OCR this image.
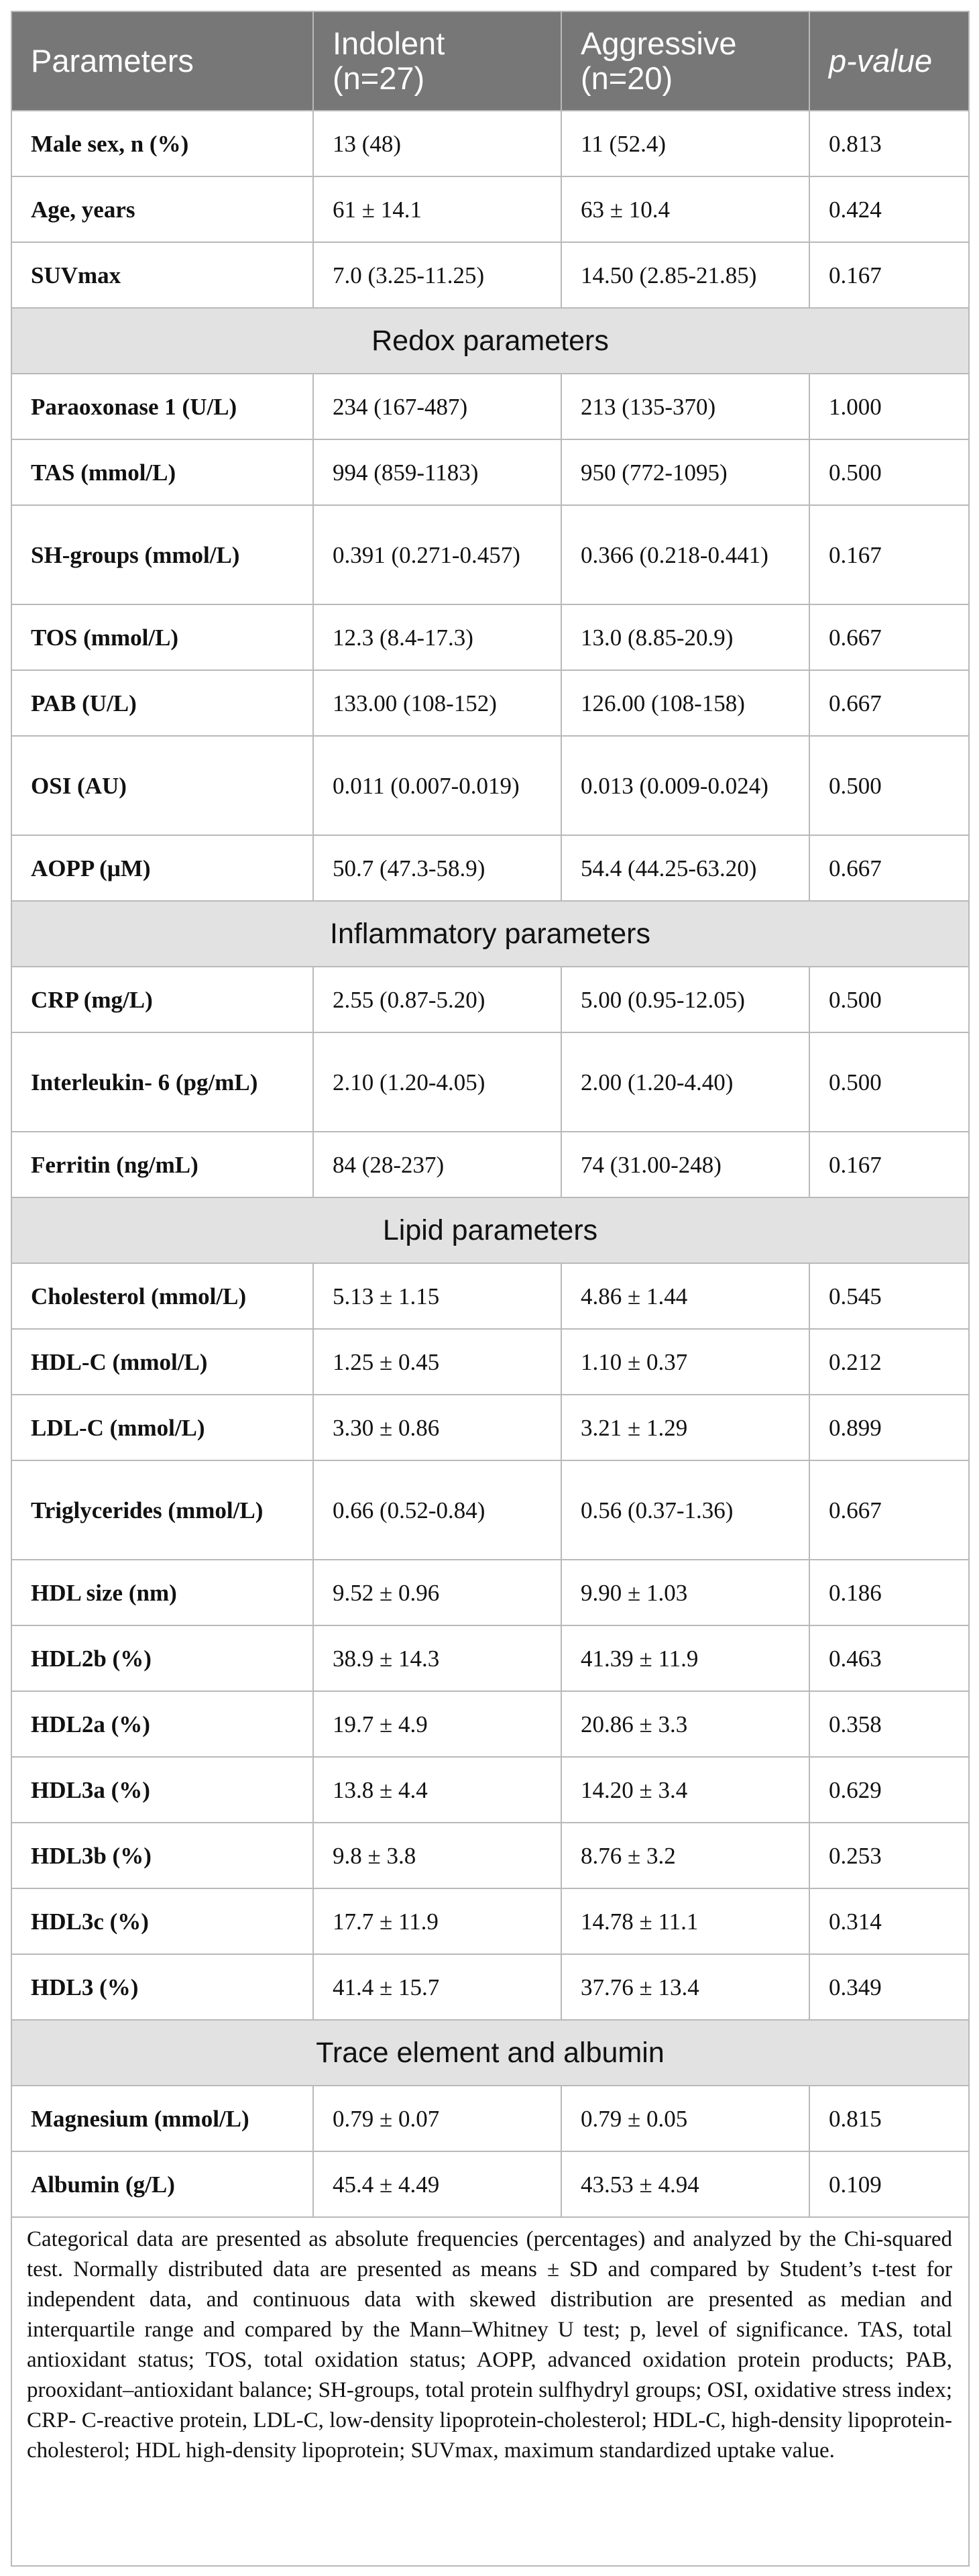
Parameters	Indolent (n=27)	Aggressive (n=20)	p-value
Male sex, n (%)	13 (48)	11 (52.4)	0.813
Age, years	61 ± 14.1	63 ± 10.4	0.424
SUVmax	7.0 (3.25-11.25)	14.50 (2.85-21.85)	0.167
Redox parameters			
Paraoxonase 1 (U/L)	234 (167-487)	213 (135-370)	1.000
TAS (mmol/L)	994 (859-1183)	950 (772-1095)	0.500
SH-groups (mmol/L)	0.391 (0.271-0.457)	0.366 (0.218-0.441)	0.167
TOS (mmol/L)	12.3 (8.4-17.3)	13.0 (8.85-20.9)	0.667
PAB (U/L)	133.00 (108-152)	126.00 (108-158)	0.667
OSI (AU)	0.011 (0.007-0.019)	0.013 (0.009-0.024)	0.500
AOPP (µM)	50.7 (47.3-58.9)	54.4 (44.25-63.20)	0.667
Inflammatory parameters			
CRP (mg/L)	2.55 (0.87-5.20)	5.00 (0.95-12.05)	0.500
Interleukin- 6 (pg/mL)	2.10 (1.20-4.05)	2.00 (1.20-4.40)	0.500
Ferritin (ng/mL)	84 (28-237)	74 (31.00-248)	0.167
Lipid parameters			
Cholesterol (mmol/L)	5.13 ± 1.15	4.86 ± 1.44	0.545
HDL-C (mmol/L)	1.25 ± 0.45	1.10 ± 0.37	0.212
LDL-C (mmol/L)	3.30 ± 0.86	3.21 ± 1.29	0.899
Triglycerides (mmol/L)	0.66 (0.52-0.84)	0.56 (0.37-1.36)	0.667
HDL size (nm)	9.52 ± 0.96	9.90 ± 1.03	0.186
HDL2b (%)	38.9 ± 14.3	41.39 ± 11.9	0.463
HDL2a (%)	19.7 ± 4.9	20.86 ± 3.3	0.358
HDL3a (%)	13.8 ± 4.4	14.20 ± 3.4	0.629
HDL3b (%)	9.8 ± 3.8	8.76 ± 3.2	0.253
HDL3c (%)	17.7 ± 11.9	14.78 ± 11.1	0.314
HDL3 (%)	41.4 ± 15.7	37.76 ± 13.4	0.349
Trace element and albumin			
Magnesium (mmol/L)	0.79 ± 0.07	0.79 ± 0.05	0.815
Albumin (g/L)	45.4 ± 4.49	43.53 ± 4.94	0.109
Categorical data are presented as absolute frequencies (percentages) and analyzed by the Chi-squared test. Normally distributed data are presented as means ± SD and compared by Student’s t-test for independent data, and continuous data with skewed distribution are presented as median and interquartile range and compared by the Mann–Whitney U test; p, level of significance. TAS, total antioxidant status; TOS, total oxidation status; AOPP, advanced oxidation protein products; PAB, prooxidant–antioxidant balance; SH-groups, total protein sulfhydryl groups; OSI, oxidative stress index; CRP- C-reactive protein, LDL-C, low-density lipoprotein-cholesterol; HDL-C, high-density lipoprotein-cholesterol; HDL high-density lipoprotein; SUVmax, maximum standardized uptake value.			
